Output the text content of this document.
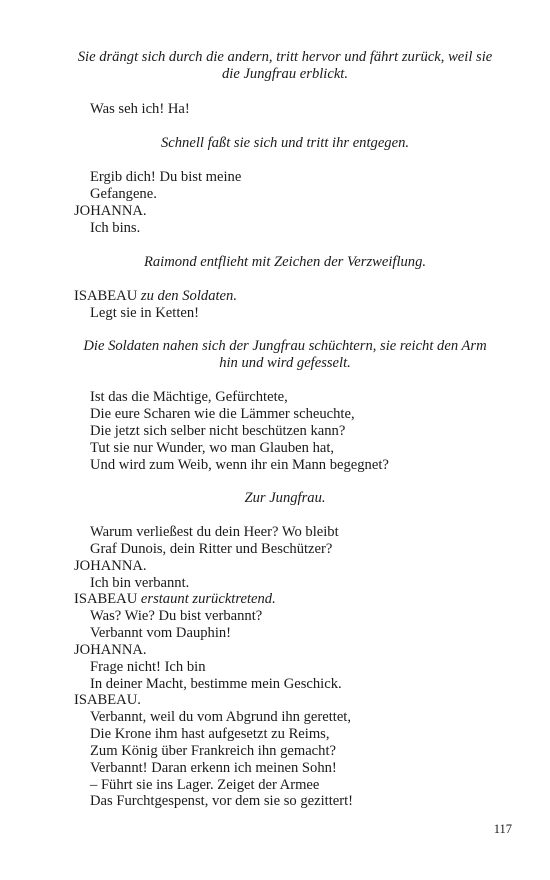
Sie drängt sich durch die andern, tritt hervor und fährt zurück, weil sie
die Jungfrau erblickt.
Was seh ich! Ha!
Schnell faßt sie sich und tritt ihr entgegen.
Ergib dich! Du bist meine
Gefangene.
JOHANNA.
Ich bins.
Raimond entflieht mit Zeichen der Verzweiflung.
ISABEAU zu den Soldaten.
Legt sie in Ketten!
Die Soldaten nahen sich der Jungfrau schüchtern, sie reicht den Arm
hin und wird gefesselt.
Ist das die Mächtige, Gefürchtete,
Die eure Scharen wie die Lämmer scheuchte,
Die jetzt sich selber nicht beschützen kann?
Tut sie nur Wunder, wo man Glauben hat,
Und wird zum Weib, wenn ihr ein Mann begegnet?
Zur Jungfrau.
Warum verließest du dein Heer? Wo bleibt
Graf Dunois, dein Ritter und Beschützer?
JOHANNA.
Ich bin verbannt.
ISABEAU erstaunt zurücktretend.
Was? Wie? Du bist verbannt?
Verbannt vom Dauphin!
JOHANNA.
Frage nicht! Ich bin
In deiner Macht, bestimme mein Geschick.
ISABEAU.
Verbannt, weil du vom Abgrund ihn gerettet,
Die Krone ihm hast aufgesetzt zu Reims,
Zum König über Frankreich ihn gemacht?
Verbannt! Daran erkenn ich meinen Sohn!
– Führt sie ins Lager. Zeiget der Armee
Das Furchtgespenst, vor dem sie so gezittert!
117
